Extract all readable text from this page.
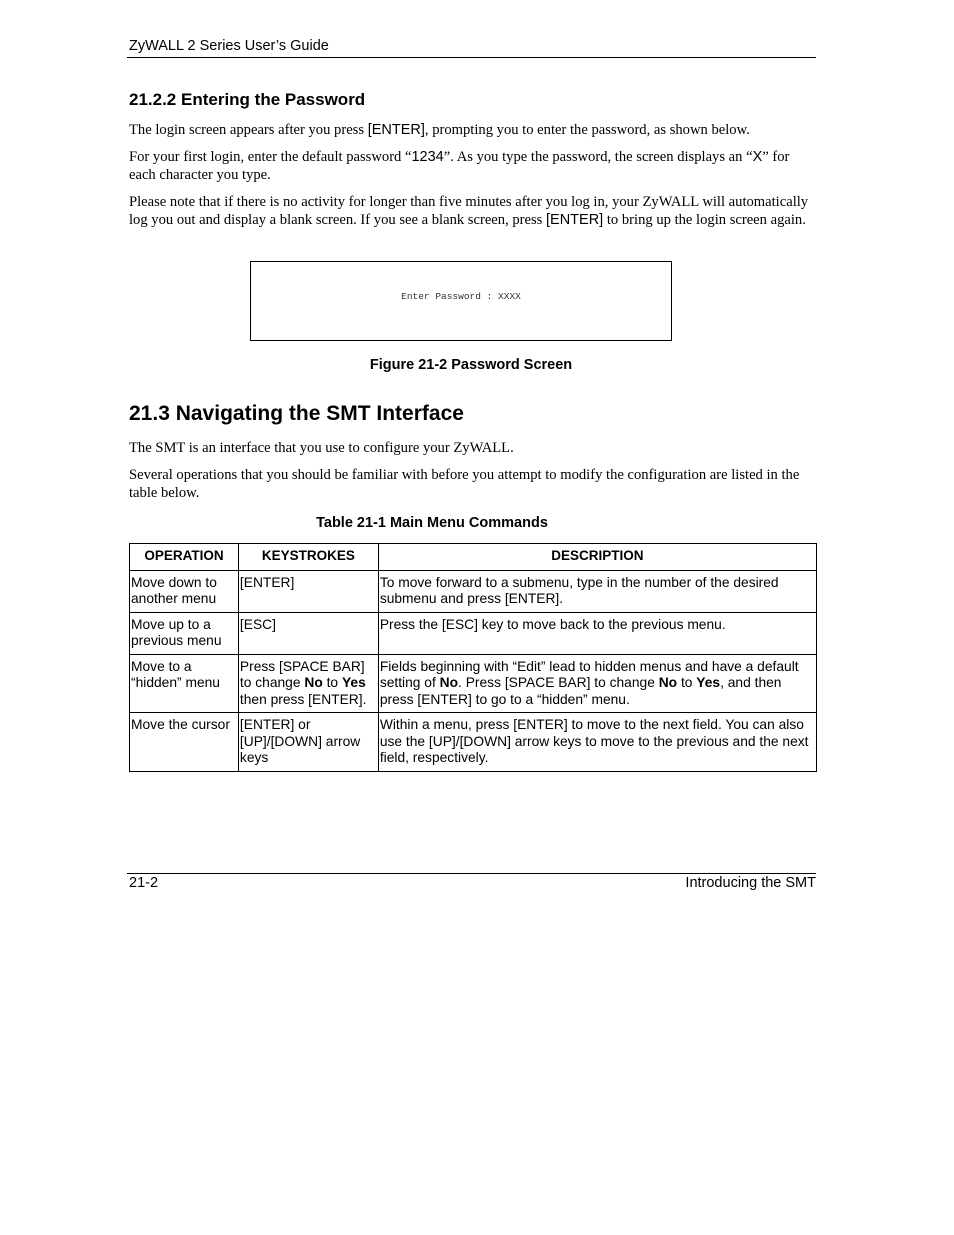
ZyWALL 2 Series User’s Guide
21.2.2 Entering the Password
The login screen appears after you press [ENTER], prompting you to enter the password, as shown below.
For your first login, enter the default password “1234”. As you type the password, the screen displays an “X” for each character you type.
Please note that if there is no activity for longer than five minutes after you log in, your ZyWALL will automatically log you out and display a blank screen. If you see a blank screen, press [ENTER] to bring up the login screen again.
Enter Password : XXXX
Figure 21-2 Password Screen
21.3 Navigating the SMT Interface
The SMT is an interface that you use to configure your ZyWALL.
Several operations that you should be familiar with before you attempt to modify the configuration are listed in the table below.
Table 21-1 Main Menu Commands
OPERATION	KEYSTROKES	DESCRIPTION
Move down to another menu	[ENTER]	To move forward to a submenu, type in the number of the desired submenu and press [ENTER].
Move up to a previous menu	[ESC]	Press the [ESC] key to move back to the previous menu.
Move to a “hidden” menu	Press [SPACE BAR] to change No to Yes then press [ENTER].	Fields beginning with “Edit” lead to hidden menus and have a default setting of No. Press [SPACE BAR] to change No to Yes, and then press [ENTER] to go to a “hidden” menu.
Move the cursor	[ENTER] or [UP]/[DOWN] arrow keys	Within a menu, press [ENTER] to move to the next field. You can also use the [UP]/[DOWN] arrow keys to move to the previous and the next field, respectively.
21-2	Introducing the SMT
